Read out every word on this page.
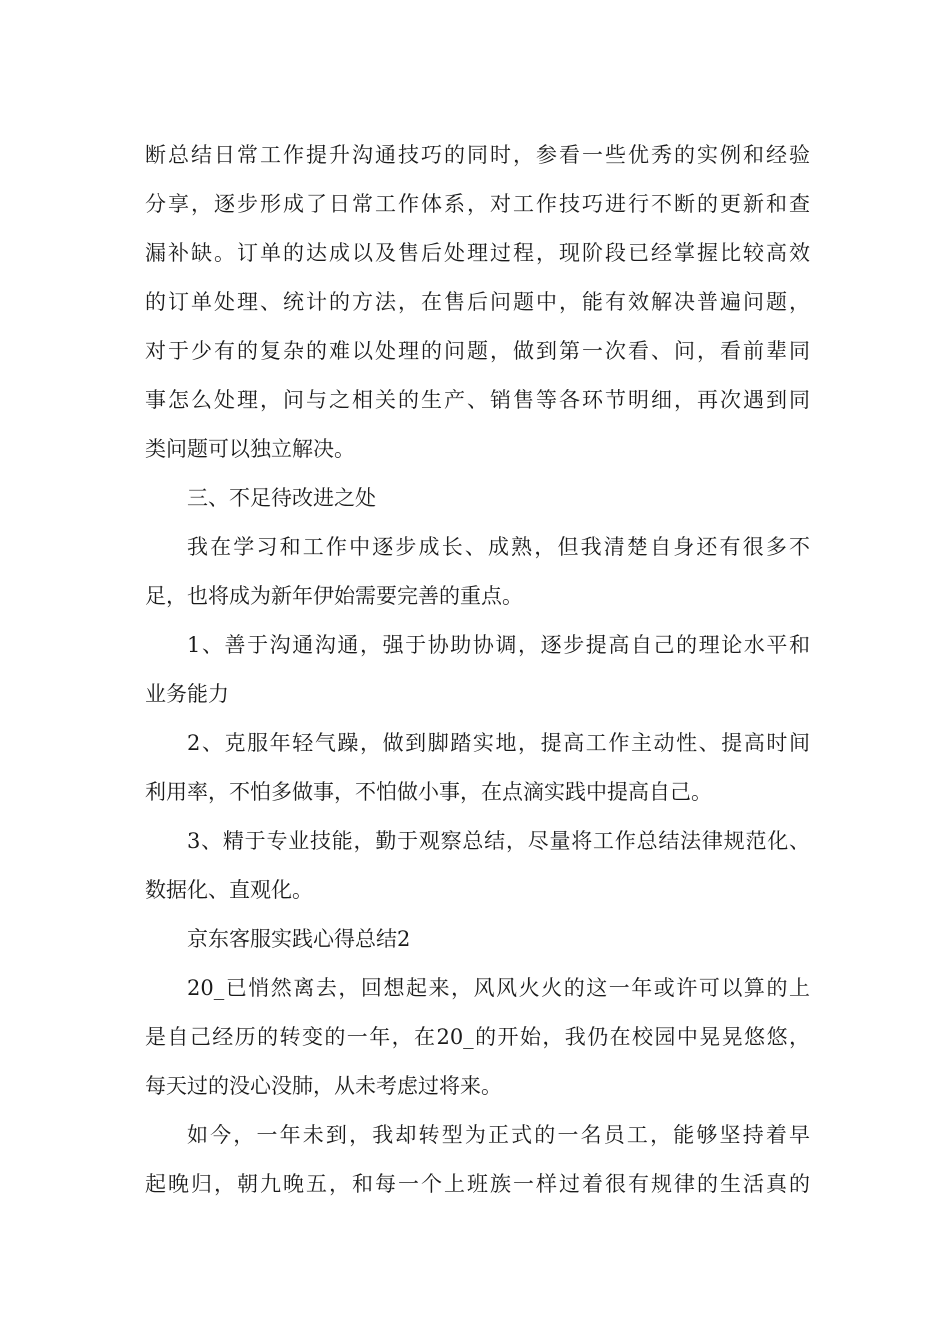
断总结日常工作提升沟通技巧的同时，参看一些优秀的实例和经验
分享，逐步形成了日常工作体系，对工作技巧进行不断的更新和查
漏补缺。订单的达成以及售后处理过程，现阶段已经掌握比较高效
的订单处理、统计的方法，在售后问题中，能有效解决普遍问题，
对于少有的复杂的难以处理的问题，做到第一次看、问，看前辈同
事怎么处理，问与之相关的生产、销售等各环节明细，再次遇到同
类问题可以独立解决。
三、不足待改进之处
我在学习和工作中逐步成长、成熟，但我清楚自身还有很多不
足，也将成为新年伊始需要完善的重点。
1、善于沟通沟通，强于协助协调，逐步提高自己的理论水平和
业务能力
2、克服年轻气躁，做到脚踏实地，提高工作主动性、提高时间
利用率，不怕多做事，不怕做小事，在点滴实践中提高自己。
3、精于专业技能，勤于观察总结，尽量将工作总结法律规范化、
数据化、直观化。
京东客服实践心得总结2
20_已悄然离去，回想起来，风风火火的这一年或许可以算的上
是自己经历的转变的一年，在20_的开始，我仍在校园中晃晃悠悠，
每天过的没心没肺，从未考虑过将来。
如今，一年未到，我却转型为正式的一名员工，能够坚持着早
起晚归，朝九晚五，和每一个上班族一样过着很有规律的生活真的
